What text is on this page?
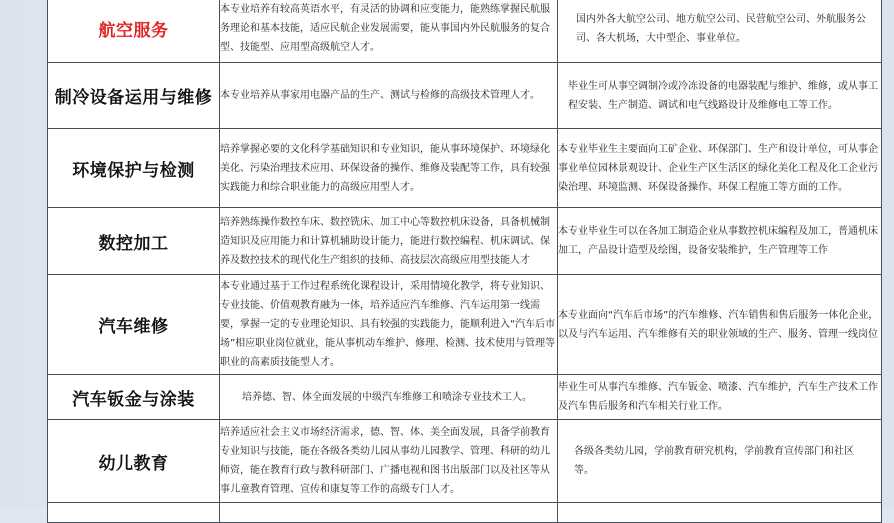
航空服务	本专业培养有较高英语水平，有灵活的协调和应变能力，能熟练掌握民航服务理论和基本技能，适应民航企业发展需要，能从事国内外民航服务的复合型、技能型、应用型高级航空人才。	国内外各大航空公司、地方航空公司、民营航空公司、外航服务公司、各大机场，大中型企、事业单位。
制冷设备运用与维修	本专业培养从事家用电器产品的生产、测试与检修的高级技术管理人才。	毕业生可从事空调制冷或冷冻设备的电器装配与维护、维修，或从事工程安装、生产制造、调试和电气线路设计及维修电工等工作。
环境保护与检测	培养掌握必要的文化科学基础知识和专业知识，能从事环境保护、环境绿化美化、污染治理技术应用、环保设备的操作、维修及装配等工作，具有较强实践能力和综合职业能力的高级应用型人才。	本专业毕业生主要面向工矿企业、环保部门、生产和设计单位，可从事企事业单位园林景观设计、企业生产区生活区的绿化美化工程及化工企业污染治理、环境监测、环保设备操作、环保工程施工等方面的工作。
数控加工	培养熟练操作数控车床、数控铣床、加工中心等数控机床设备，具备机械制造知识及应用能力和计算机辅助设计能力，能进行数控编程、机床调试、保养及数控技术的现代化生产组织的技师、高技层次高级应用型技能人才	本专业毕业生可以在各加工制造企业从事数控机床编程及加工，普通机床加工，产品设计造型及绘图，设备安装维护，生产管理等工作
汽车维修	本专业通过基于工作过程系统化课程设计，采用情境化教学，将专业知识、专业技能、价值观教育融为一体，培养适应汽车维修、汽车运用第一线需要，掌握一定的专业理论知识、具有较强的实践能力，能顺利进入“汽车后市场”相应职业岗位就业，能从事机动车维护、修理、检测、技术使用与管理等职业的高素质技能型人才。	本专业面向“汽车后市场”的汽车维修、汽车销售和售后服务一体化企业，以及与汽车运用、汽车维修有关的职业领域的生产、服务、管理一线岗位
汽车钣金与涂装	培养德、智、体全面发展的中级汽车维修工和喷涂专业技术工人。	毕业生可从事汽车维修、汽车钣金、喷漆、汽车维护，汽车生产技术工作及汽车售后服务和汽车相关行业工作。
幼儿教育	培养适应社会主义市场经济需求，德、智、体、美全面发展，具备学前教育专业知识与技能，能在各级各类幼儿园从事幼儿园教学、管理、科研的幼儿师资，能在教育行政与教科研部门、广播电视和图书出版部门以及社区等从事儿童教育管理、宣传和康复等工作的高级专门人才。	各级各类幼儿园，学前教育研究机构，学前教育宣传部门和社区等。
